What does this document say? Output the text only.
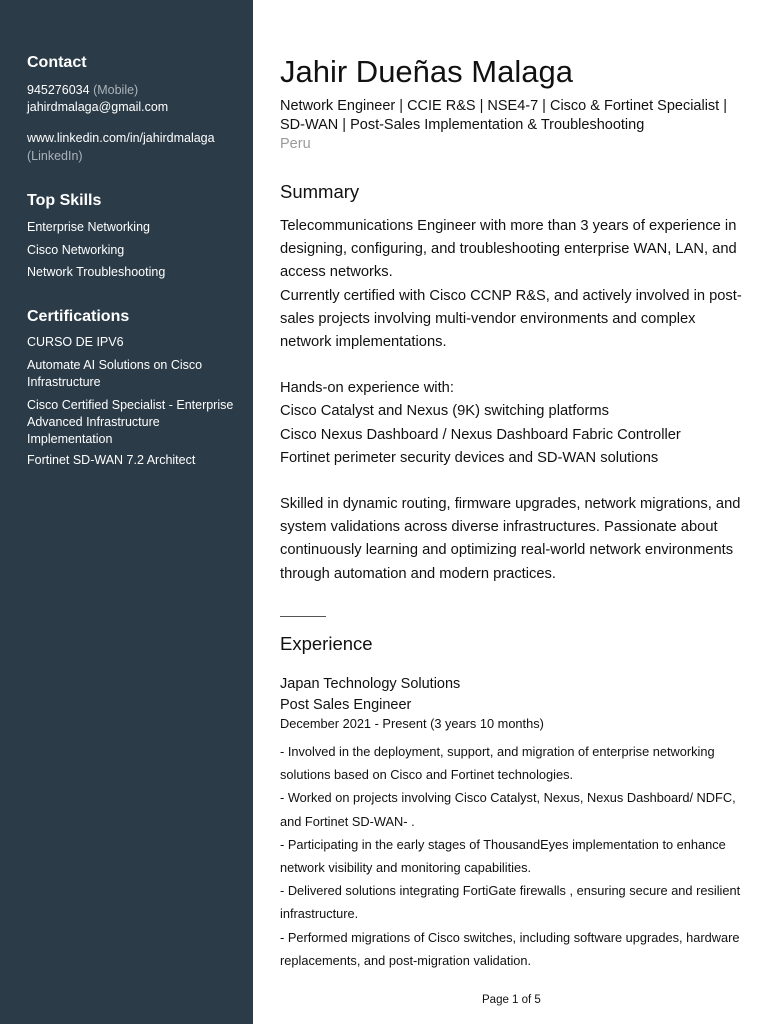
Contact
945276034 (Mobile)
jahirdmalaga@gmail.com
www.linkedin.com/in/jahirdmalaga
(LinkedIn)
Top Skills
Enterprise Networking
Cisco Networking
Network Troubleshooting
Certifications
CURSO DE IPV6
Automate AI Solutions on Cisco Infrastructure
Cisco Certified Specialist - Enterprise Advanced Infrastructure Implementation
Fortinet SD-WAN 7.2 Architect
Jahir Dueñas Malaga
Network Engineer | CCIE R&S | NSE4-7 | Cisco & Fortinet Specialist | SD-WAN | Post-Sales Implementation & Troubleshooting
Peru
Summary

Telecommunications Engineer with more than 3 years of experience in designing, configuring, and troubleshooting enterprise WAN, LAN, and access networks.

Currently certified with Cisco CCNP R&S, and actively involved in post-sales projects involving multi-vendor environments and complex network implementations.

Hands-on experience with:

Cisco Catalyst and Nexus (9K) switching platforms

Cisco Nexus Dashboard / Nexus Dashboard Fabric Controller

Fortinet perimeter security devices and SD-WAN solutions

Skilled in dynamic routing, firmware upgrades, network migrations, and system validations across diverse infrastructures. Passionate about continuously learning and optimizing real-world network environments through automation and modern practices.

Experience
Japan Technology Solutions
Post Sales Engineer
December 2021 - Present (3 years 10 months)

- Involved in the deployment, support, and migration of enterprise networking solutions based on Cisco and Fortinet technologies.

- Worked on projects involving Cisco Catalyst, Nexus, Nexus Dashboard/ NDFC, and Fortinet SD-WAN- .

- Participating in the early stages of ThousandEyes implementation to enhance network visibility and monitoring capabilities.

- Delivered solutions integrating FortiGate firewalls , ensuring secure and resilient infrastructure.

- Performed migrations of Cisco switches, including software upgrades, hardware replacements, and post-migration validation.

Page 1 of 5
